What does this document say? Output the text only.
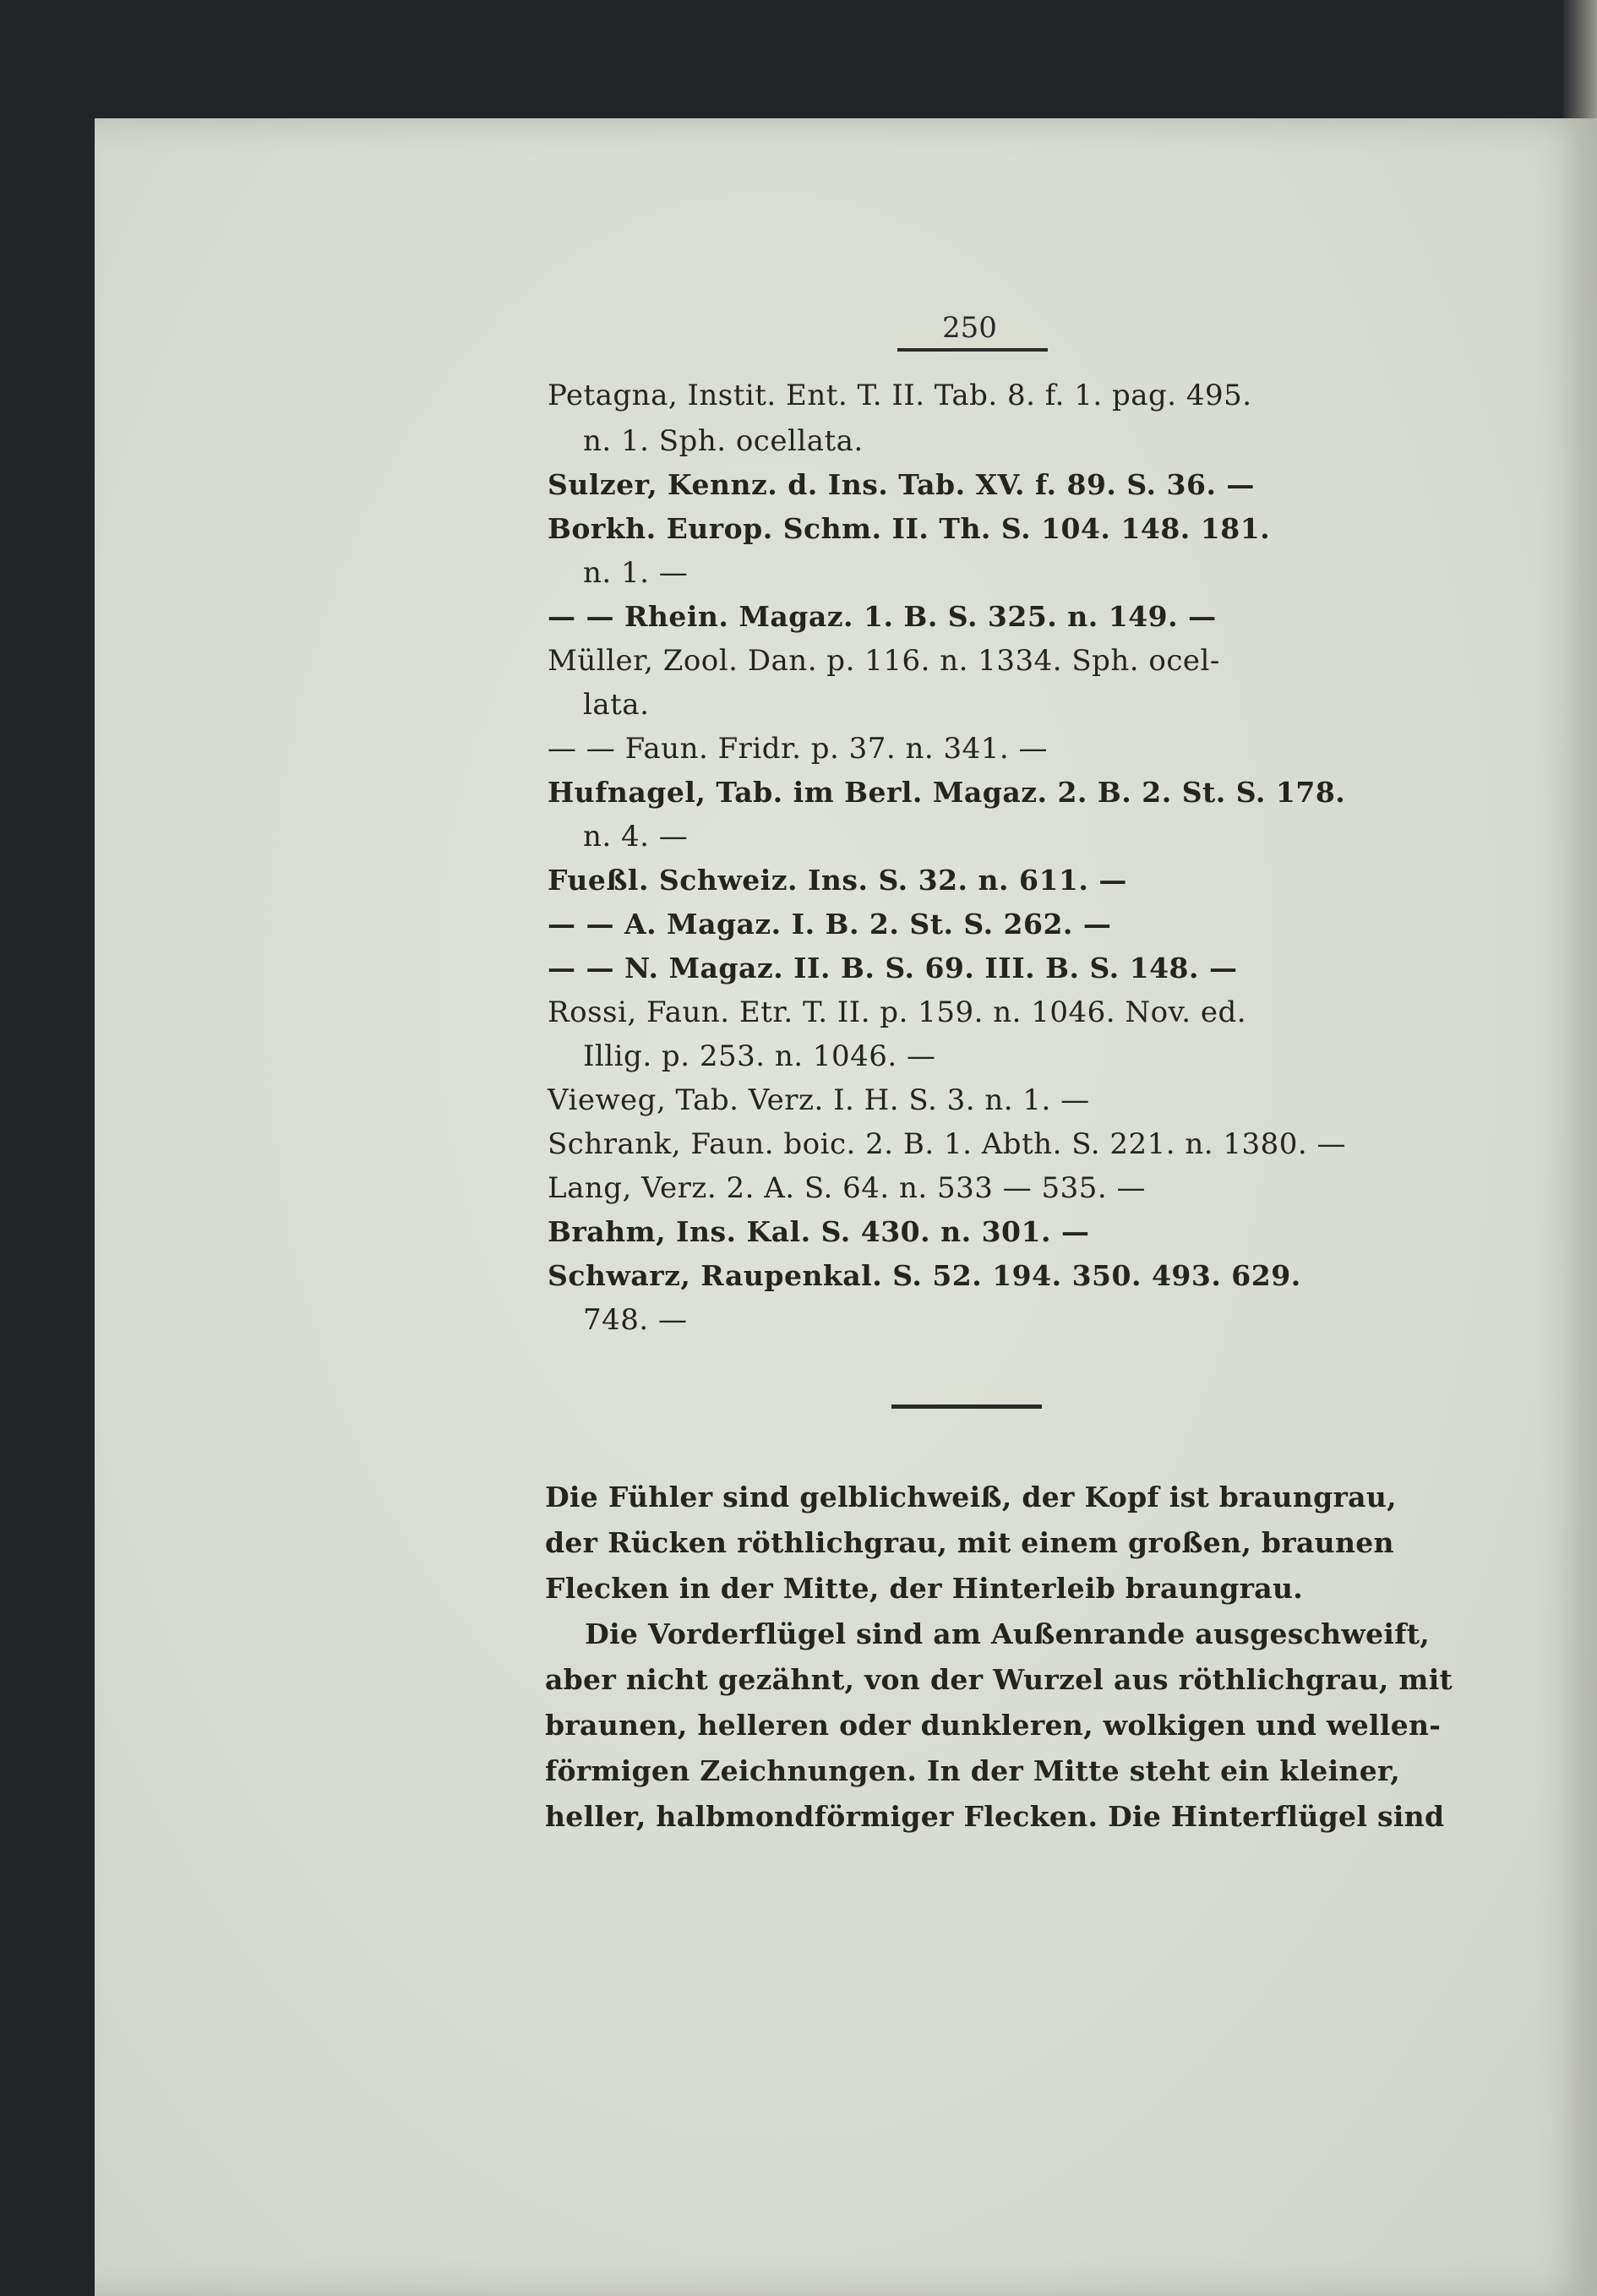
250
Petagna, Instit. Ent. T. II. Tab. 8. f. 1. pag. 495.
n. 1. Sph. ocellata.
Sulzer, Kennz. d. Ins. Tab. XV. f. 89. S. 36. —
Borkh. Europ. Schm. II. Th. S. 104. 148. 181.
n. 1. —
— — Rhein. Magaz. 1. B. S. 325. n. 149. —
Müller, Zool. Dan. p. 116. n. 1334. Sph. ocel-
lata.
— — Faun. Fridr. p. 37. n. 341. —
Hufnagel, Tab. im Berl. Magaz. 2. B. 2. St. S. 178.
n. 4. —
Fueßl. Schweiz. Ins. S. 32. n. 611. —
— — A. Magaz. I. B. 2. St. S. 262. —
— — N. Magaz. II. B. S. 69. III. B. S. 148. —
Rossi, Faun. Etr. T. II. p. 159. n. 1046. Nov. ed.
Illig. p. 253. n. 1046. —
Vieweg, Tab. Verz. I. H. S. 3. n. 1. —
Schrank, Faun. boic. 2. B. 1. Abth. S. 221. n. 1380. —
Lang, Verz. 2. A. S. 64. n. 533 — 535. —
Brahm, Ins. Kal. S. 430. n. 301. —
Schwarz, Raupenkal. S. 52. 194. 350. 493. 629.
748. —
Die Fühler sind gelblichweiß, der Kopf ist braungrau,
der Rücken röthlichgrau, mit einem großen, braunen
Flecken in der Mitte, der Hinterleib braungrau.
Die Vorderflügel sind am Außenrande ausgeschweift,
aber nicht gezähnt, von der Wurzel aus röthlichgrau, mit
braunen, helleren oder dunkleren, wolkigen und wellen-
förmigen Zeichnungen. In der Mitte steht ein kleiner,
heller, halbmondförmiger Flecken. Die Hinterflügel sind
